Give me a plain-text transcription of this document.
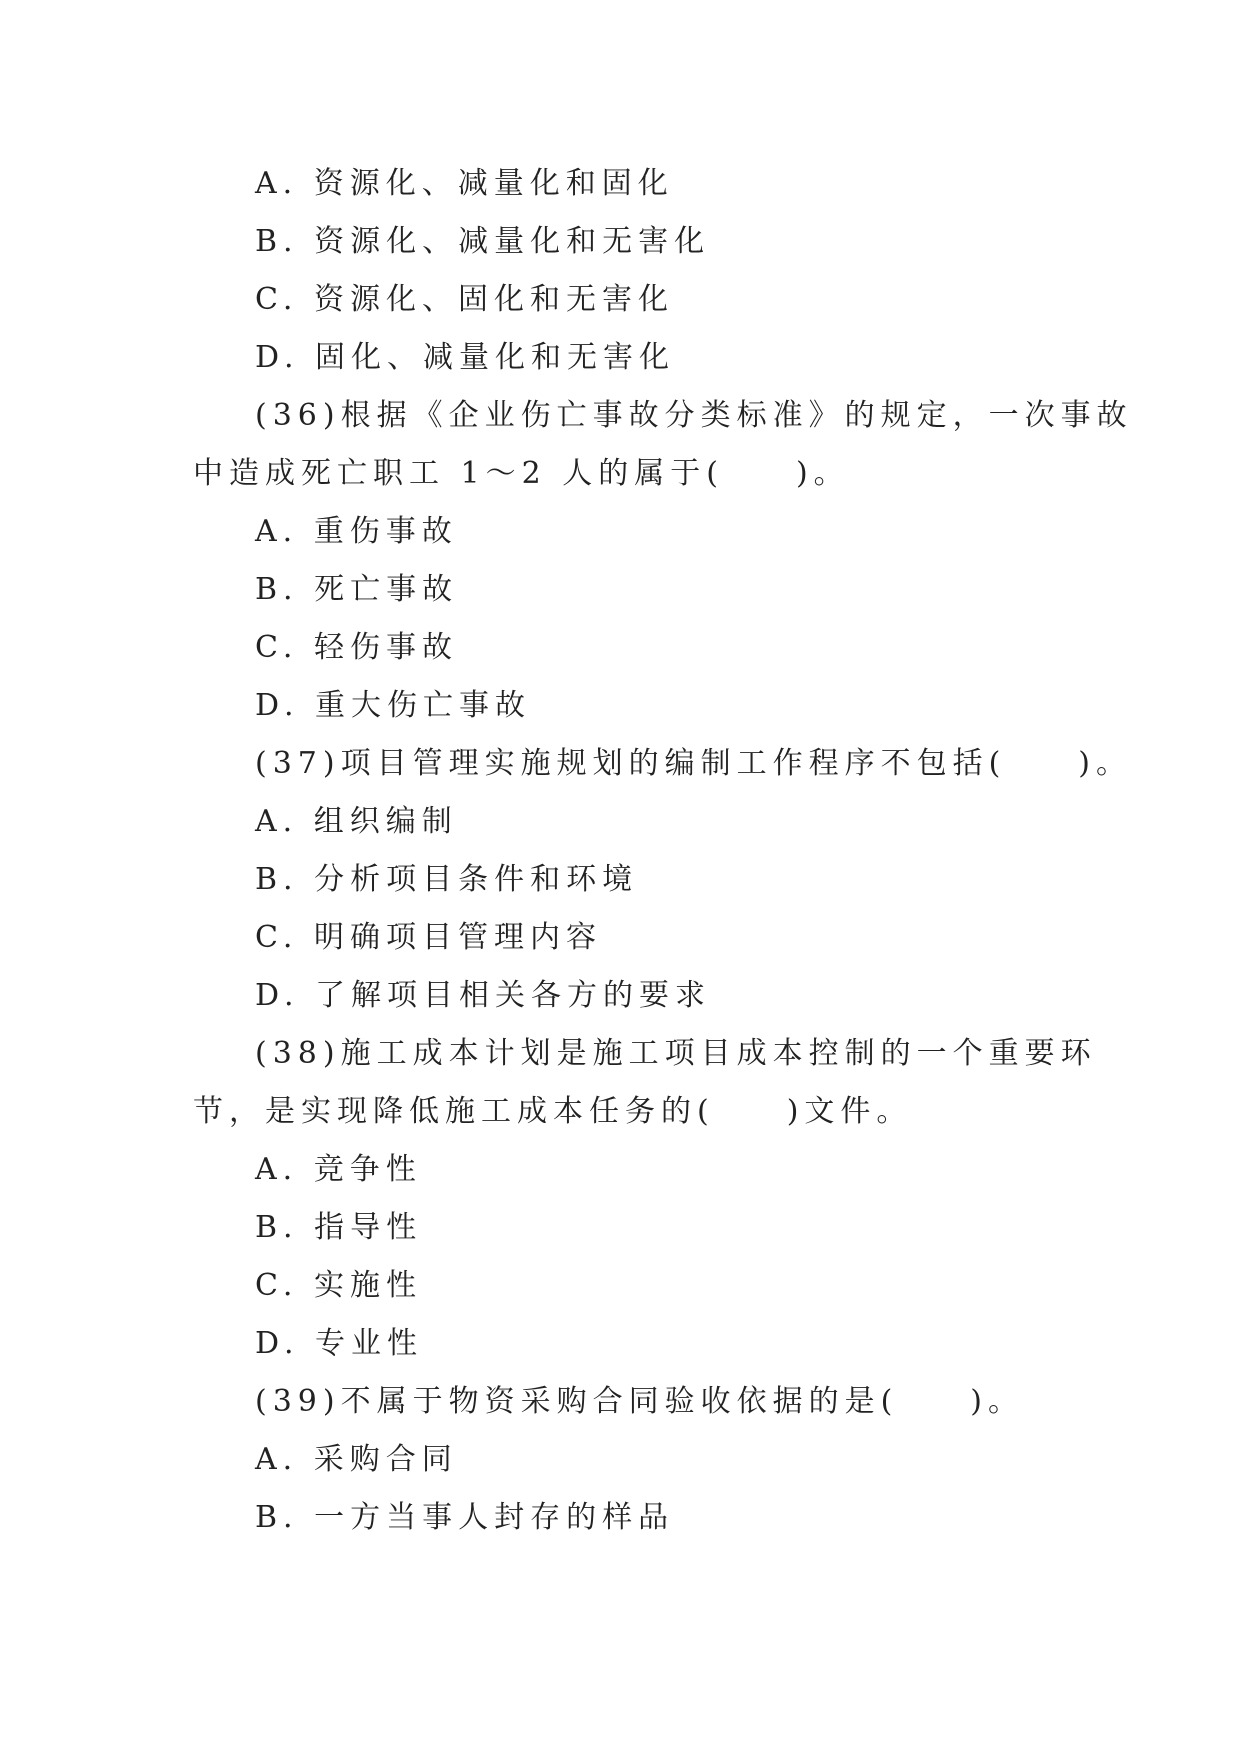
A. 资源化、减量化和固化
B. 资源化、减量化和无害化
C. 资源化、固化和无害化
D. 固化、减量化和无害化
(36)根据《企业伤亡事故分类标准》的规定，一次事故
中造成死亡职工 1～2 人的属于(　　)。
A. 重伤事故
B. 死亡事故
C. 轻伤事故
D. 重大伤亡事故
(37)项目管理实施规划的编制工作程序不包括(　　)。
A. 组织编制
B. 分析项目条件和环境
C. 明确项目管理内容
D. 了解项目相关各方的要求
(38)施工成本计划是施工项目成本控制的一个重要环
节，是实现降低施工成本任务的(　　)文件。
A. 竞争性
B. 指导性
C. 实施性
D. 专业性
(39)不属于物资采购合同验收依据的是(　　)。
A. 采购合同
B. 一方当事人封存的样品
